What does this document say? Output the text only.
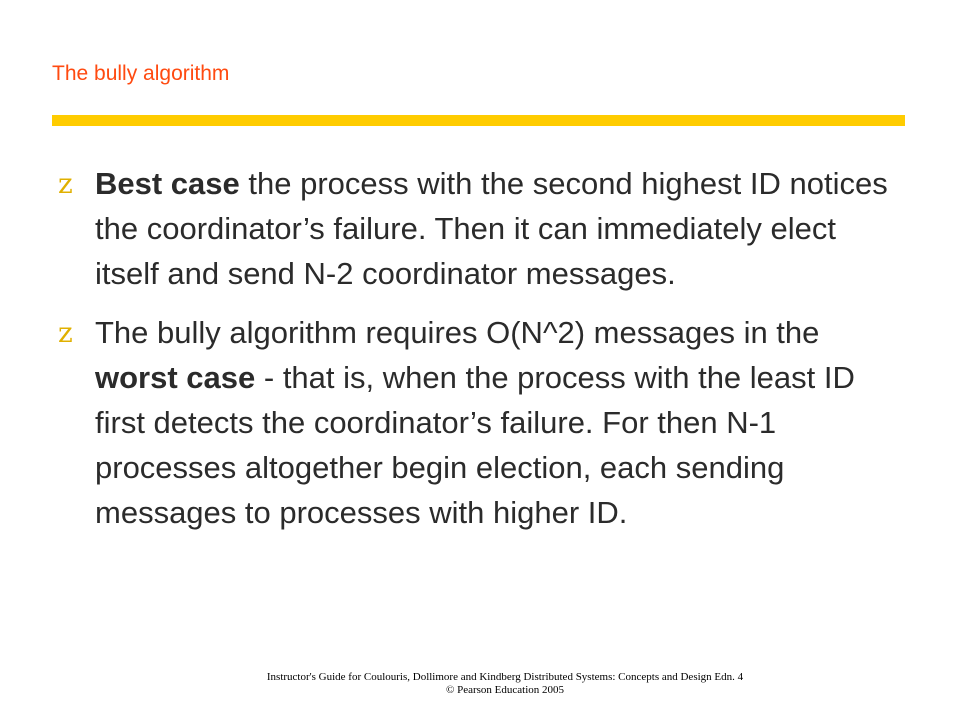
The bully algorithm
z Best case the process with the second highest ID notices the coordinator’s failure. Then it can immediately elect itself and send N-2 coordinator messages.
z The bully algorithm requires O(N^2) messages in the worst case - that is, when the process with the least ID first detects the coordinator’s failure. For then N-1 processes altogether begin election, each sending messages to processes with higher ID.
Instructor's Guide for Coulouris, Dollimore and Kindberg Distributed Systems: Concepts and Design Edn. 4
© Pearson Education 2005
